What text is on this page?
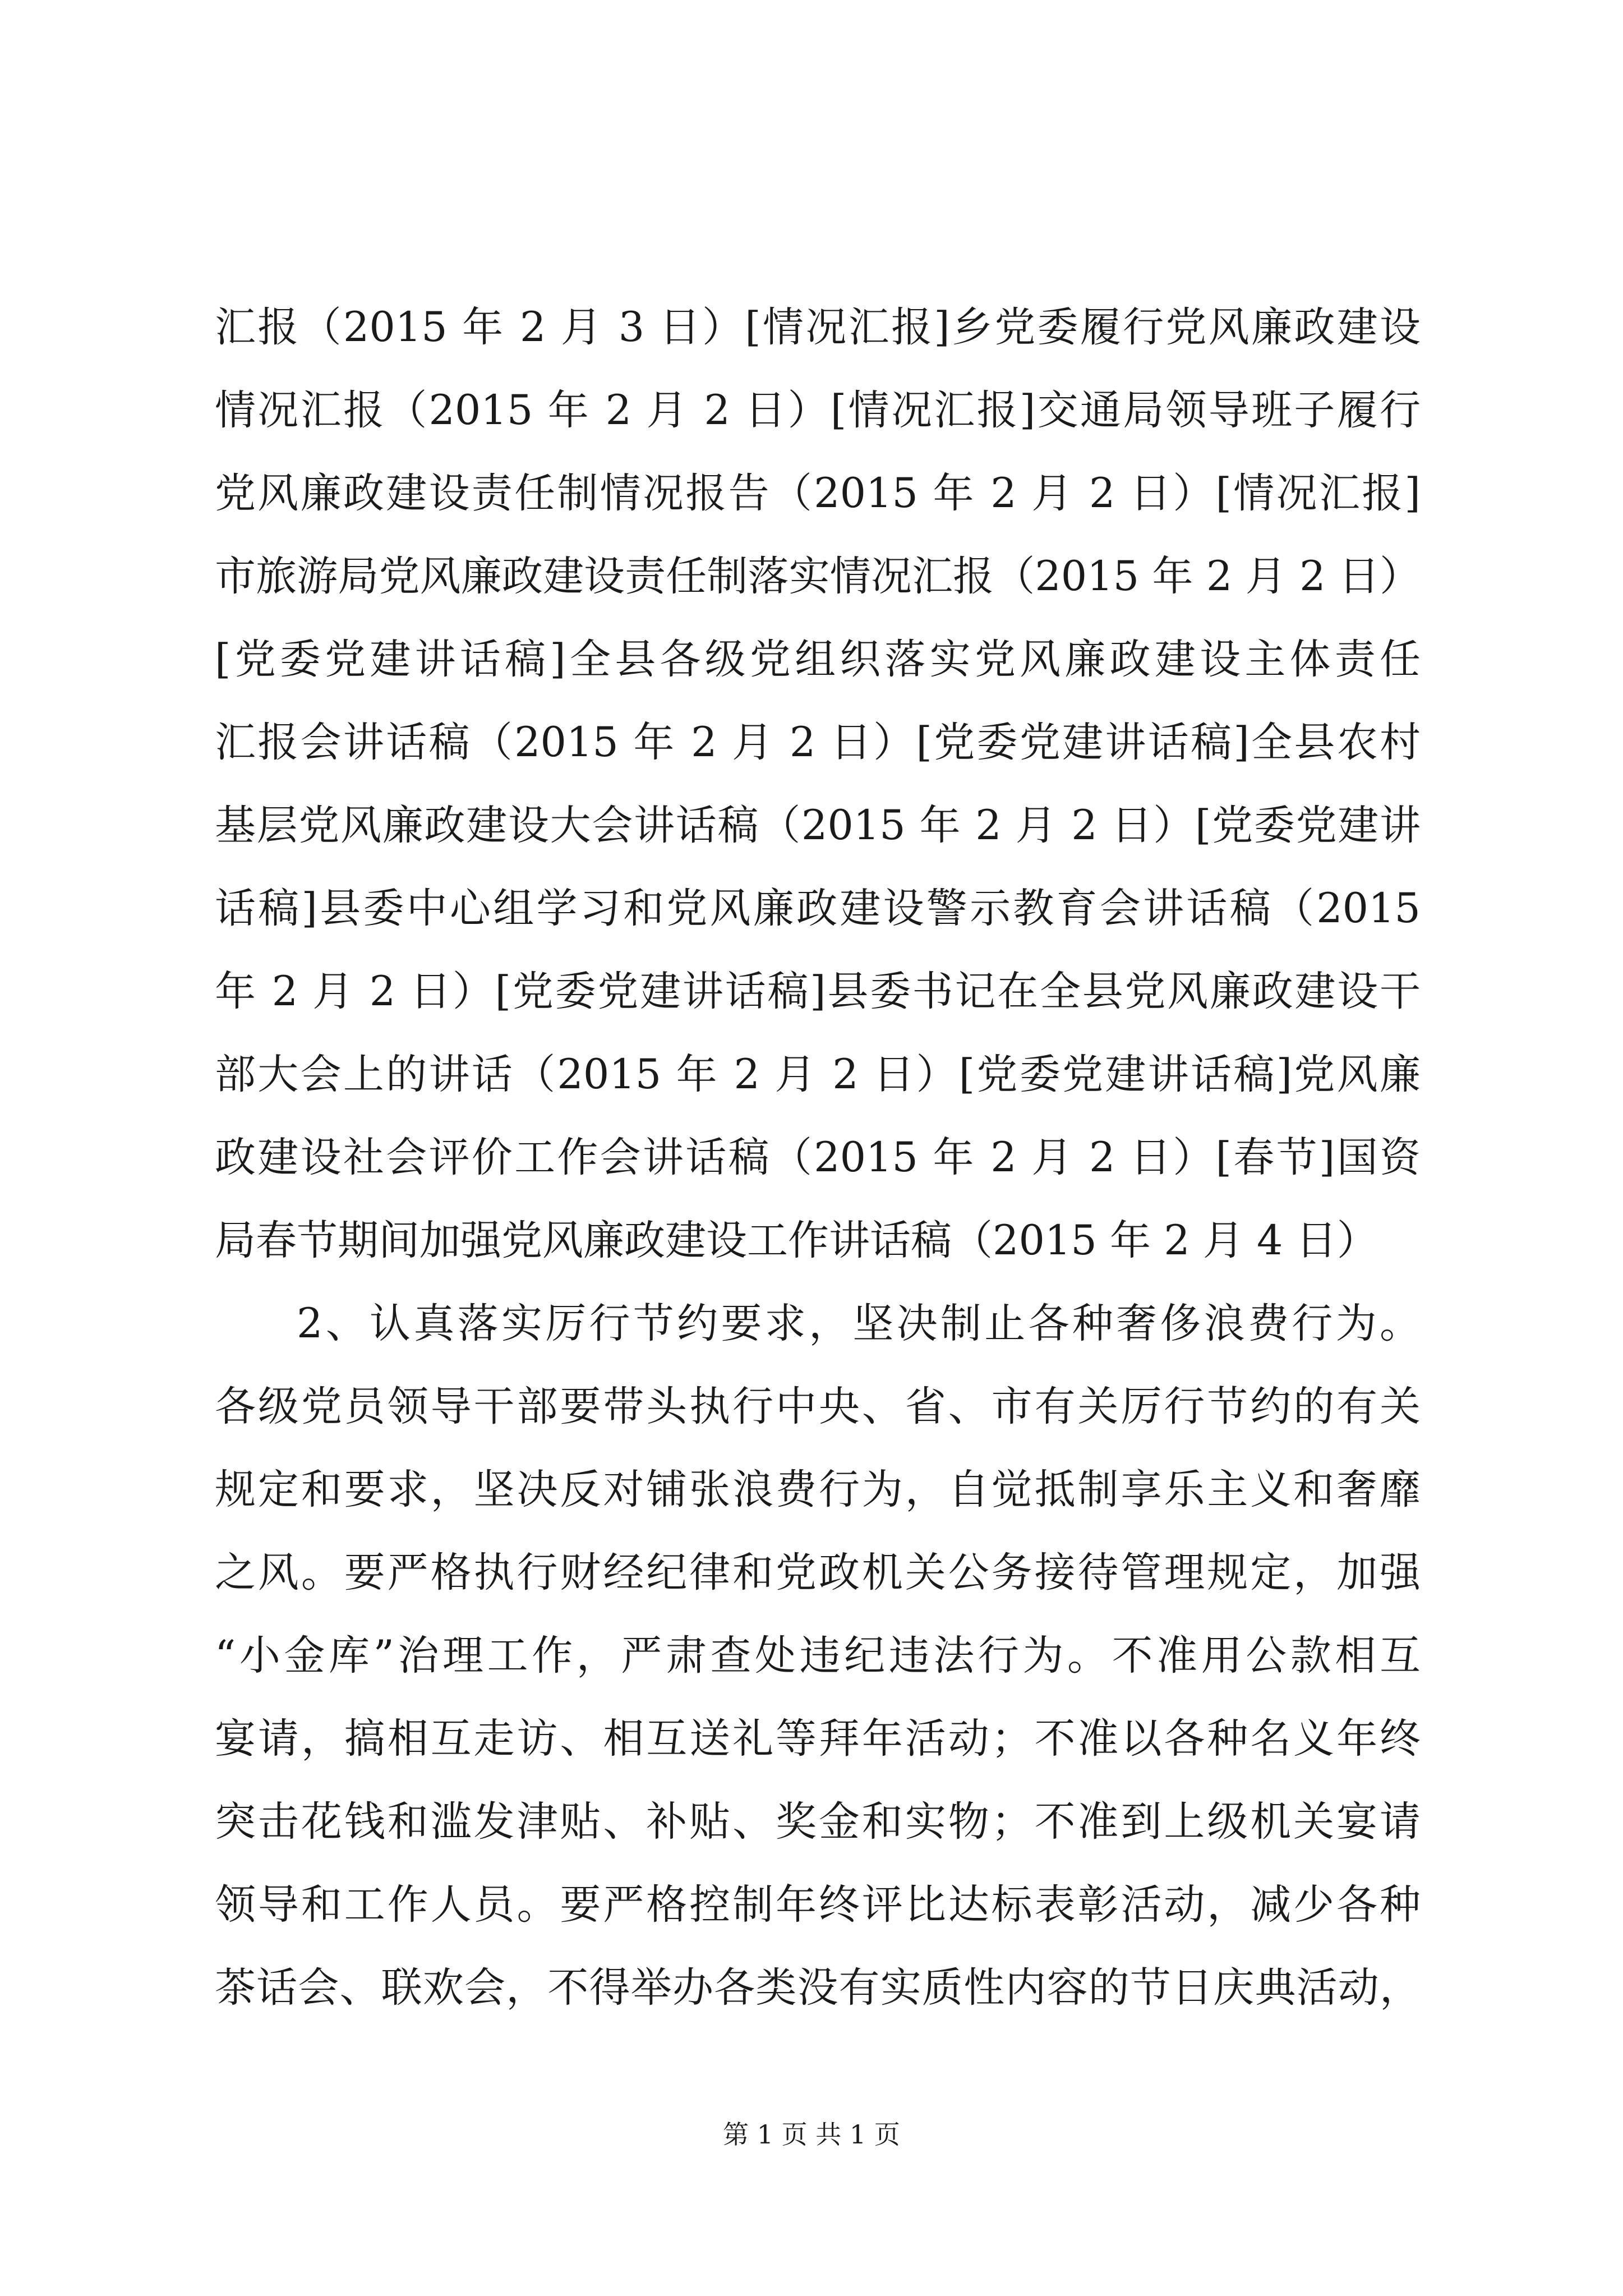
汇报（2015 年 2 月 3 日）[情况汇报]乡党委履行党风廉政建设
情况汇报（2015 年 2 月 2 日）[情况汇报]交通局领导班子履行
党风廉政建设责任制情况报告（2015 年 2 月 2 日）[情况汇报]
市旅游局党风廉政建设责任制落实情况汇报（2015 年 2 月 2 日）
[党委党建讲话稿]全县各级党组织落实党风廉政建设主体责任
汇报会讲话稿（2015 年 2 月 2 日）[党委党建讲话稿]全县农村
基层党风廉政建设大会讲话稿（2015 年 2 月 2 日）[党委党建讲
话稿]县委中心组学习和党风廉政建设警示教育会讲话稿（2015
年 2 月 2 日）[党委党建讲话稿]县委书记在全县党风廉政建设干
部大会上的讲话（2015 年 2 月 2 日）[党委党建讲话稿]党风廉
政建设社会评价工作会讲话稿（2015 年 2 月 2 日）[春节]国资
局春节期间加强党风廉政建设工作讲话稿（2015 年 2 月 4 日）
2、认真落实厉行节约要求，坚决制止各种奢侈浪费行为。
各级党员领导干部要带头执行中央、省、市有关厉行节约的有关
规定和要求，坚决反对铺张浪费行为，自觉抵制享乐主义和奢靡
之风。要严格执行财经纪律和党政机关公务接待管理规定，加强
“小金库”治理工作，严肃查处违纪违法行为。不准用公款相互
宴请，搞相互走访、相互送礼等拜年活动；不准以各种名义年终
突击花钱和滥发津贴、补贴、奖金和实物；不准到上级机关宴请
领导和工作人员。要严格控制年终评比达标表彰活动，减少各种
茶话会、联欢会，不得举办各类没有实质性内容的节日庆典活动，
第 1 页 共 1 页
